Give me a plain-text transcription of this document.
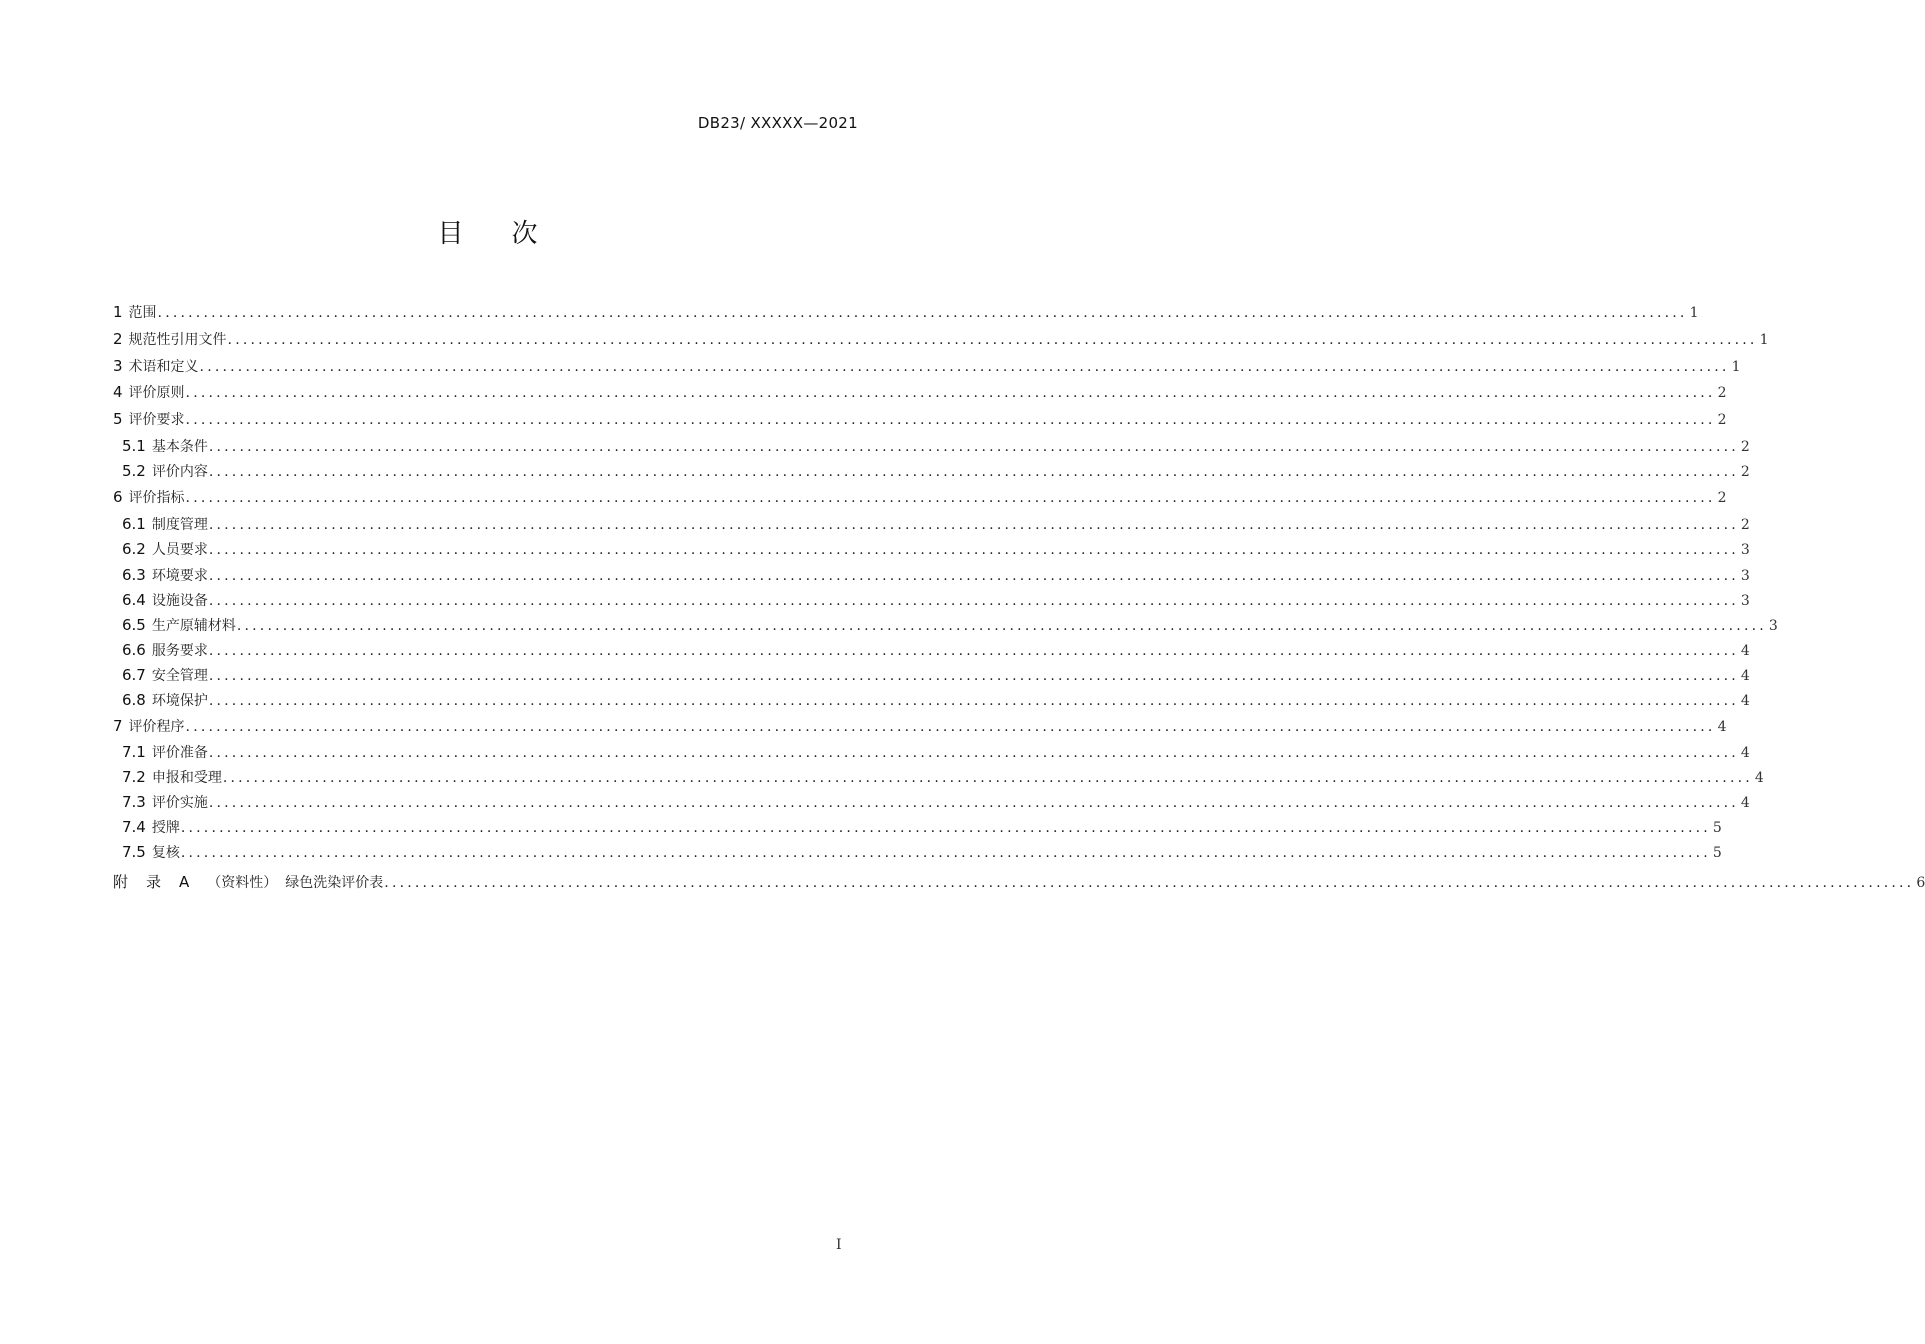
DB23/ XXXXX—2021
目 次
1 范围 ........................................................................................................................................................................................................ 1
2 规范性引用文件 ........................................................................................................................................................................................................ 1
3 术语和定义 ........................................................................................................................................................................................................ 1
4 评价原则 ........................................................................................................................................................................................................ 2
5 评价要求 ........................................................................................................................................................................................................ 2
5.1 基本条件 ........................................................................................................................................................................................................ 2
5.2 评价内容 ........................................................................................................................................................................................................ 2
6 评价指标 ........................................................................................................................................................................................................ 2
6.1 制度管理 ........................................................................................................................................................................................................ 2
6.2 人员要求 ........................................................................................................................................................................................................ 3
6.3 环境要求 ........................................................................................................................................................................................................ 3
6.4 设施设备 ........................................................................................................................................................................................................ 3
6.5 生产原辅材料 ........................................................................................................................................................................................................ 3
6.6 服务要求 ........................................................................................................................................................................................................ 4
6.7 安全管理 ........................................................................................................................................................................................................ 4
6.8 环境保护 ........................................................................................................................................................................................................ 4
7 评价程序 ........................................................................................................................................................................................................ 4
7.1 评价准备 ........................................................................................................................................................................................................ 4
7.2 申报和受理 ........................................................................................................................................................................................................ 4
7.3 评价实施 ........................................................................................................................................................................................................ 4
7.4 授牌 ........................................................................................................................................................................................................ 5
7.5 复核 ........................................................................................................................................................................................................ 5
附 录 A （资料性） 绿色洗染评价表 ........................................................................................................................................................................................................ 6
I
